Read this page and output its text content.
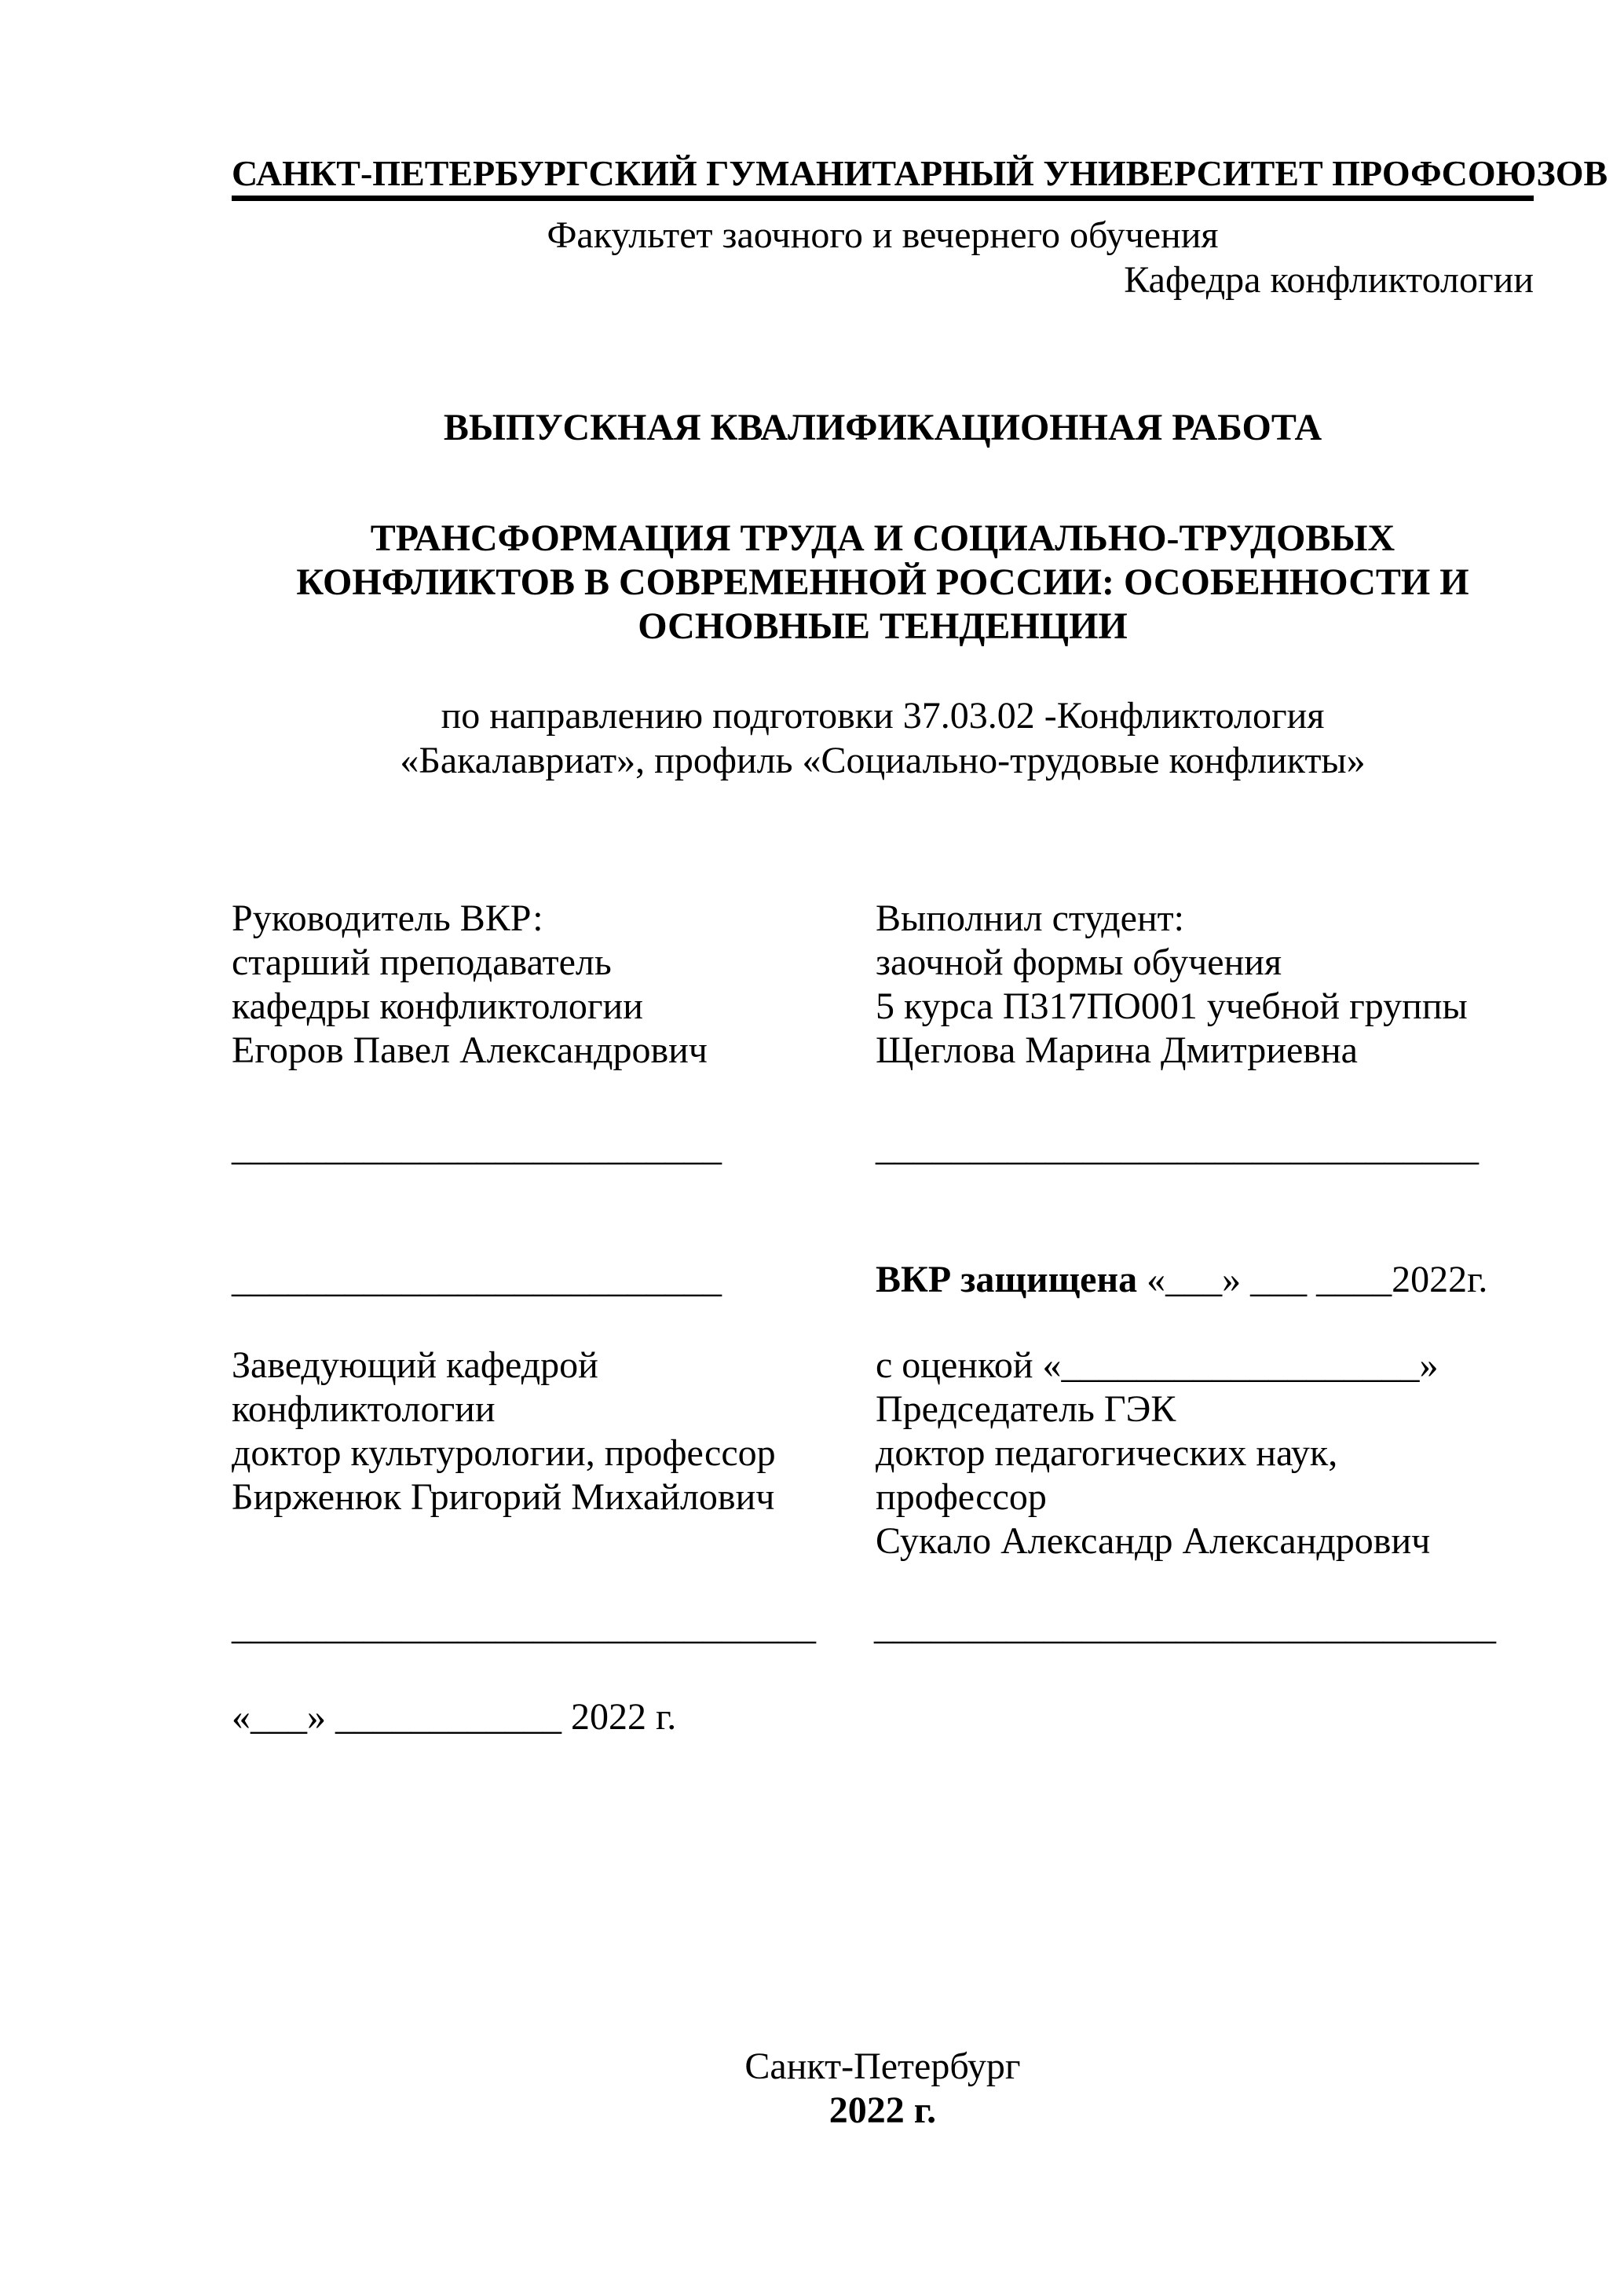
САНКТ-ПЕТЕРБУРГСКИЙ ГУМАНИТАРНЫЙ УНИВЕРСИТЕТ ПРОФСОЮЗОВ
Факультет заочного и вечернего обучения
Кафедра конфликтологии
ВЫПУСКНАЯ КВАЛИФИКАЦИОННАЯ РАБОТА
ТРАНСФОРМАЦИЯ ТРУДА И СОЦИАЛЬНО-ТРУДОВЫХ
КОНФЛИКТОВ В СОВРЕМЕННОЙ РОССИИ: ОСОБЕННОСТИ И
ОСНОВНЫЕ ТЕНДЕНЦИИ
по направлению подготовки 37.03.02 -Конфликтология
«Бакалавриат», профиль «Социально-трудовые конфликты»
Руководитель ВКР:
старший преподаватель
кафедры конфликтологии
Егоров Павел Александрович
Выполнил студент:
заочной формы обучения
5 курса П317ПО001 учебной группы
Щеглова Марина Дмитриевна
__________________________	________________________________
__________________________	ВКР защищена «___» ___ ____2022г.
Заведующий кафедрой
конфликтологии
доктор культурологии, профессор
Бирженюк Григорий Михайлович
с оценкой «___________________»
Председатель ГЭК
доктор педагогических наук,
профессор
Сукало Александр Александрович
_______________________________ _________________________________
«___» ____________ 2022 г.
Санкт-Петербург
2022 г.
